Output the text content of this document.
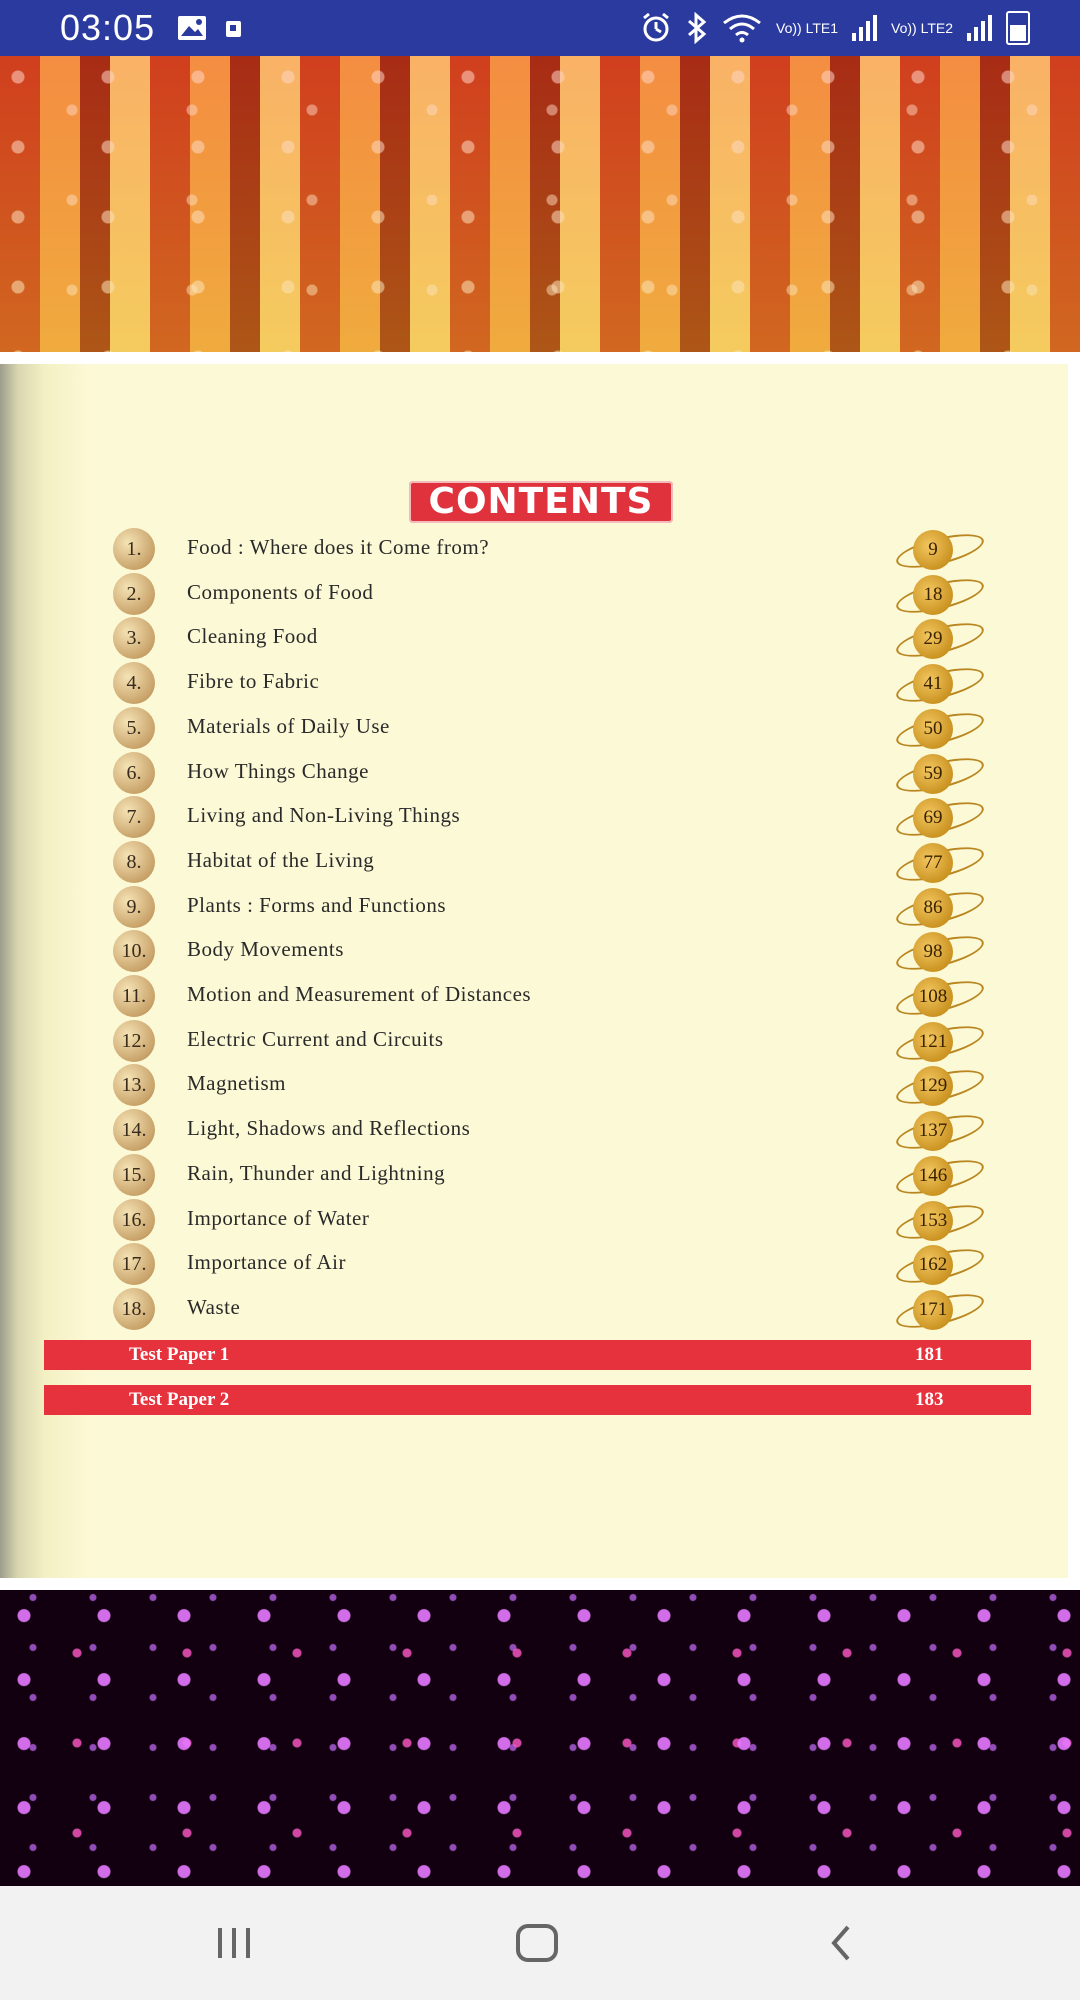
03:05	Vo)) LTE1	Vo)) LTE2
CONTENTS
1.	Food : Where does it Come from?	9
2.	Components of Food	18
3.	Cleaning Food	29
4.	Fibre to Fabric	41
5.	Materials of Daily Use	50
6.	How Things Change	59
7.	Living and Non-Living Things	69
8.	Habitat of the Living	77
9.	Plants : Forms and Functions	86
10.	Body Movements	98
11.	Motion and Measurement of Distances	108
12.	Electric Current and Circuits	121
13.	Magnetism	129
14.	Light, Shadows and Reflections	137
15.	Rain, Thunder and Lightning	146
16.	Importance of Water	153
17.	Importance of Air	162
18.	Waste	171
Test Paper 1	181
Test Paper 2	183
